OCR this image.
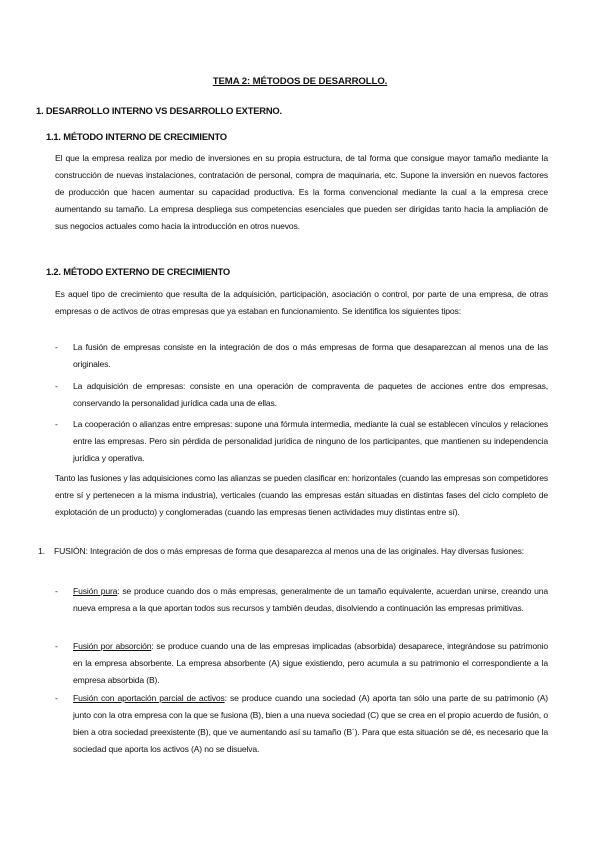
TEMA 2: MÉTODOS DE DESARROLLO.
1. DESARROLLO INTERNO VS DESARROLLO EXTERNO.
1.1. MÉTODO INTERNO DE CRECIMIENTO
El que la empresa realiza por medio de inversiones en su propia estructura, de tal forma que consigue mayor tamaño mediante la construcción de nuevas instalaciones, contratación de personal, compra de maquinaria, etc. Supone la inversión en nuevos factores de producción que hacen aumentar su capacidad productiva. Es la forma convencional mediante la cual a la empresa crece aumentando su tamaño. La empresa despliega sus competencias esenciales que pueden ser dirigidas tanto hacia la ampliación de sus negocios actuales como hacia la introducción en otros nuevos.
1.2. MÉTODO EXTERNO DE CRECIMIENTO
Es aquel tipo de crecimiento que resulta de la adquisición, participación, asociación o control, por parte de una empresa, de otras empresas o de activos de otras empresas que ya estaban en funcionamiento. Se identifica los siguientes tipos:
- La fusión de empresas consiste en la integración de dos o más empresas de forma que desaparezcan al menos una de las originales.
- La adquisición de empresas: consiste en una operación de compraventa de paquetes de acciones entre dos empresas, conservando la personalidad jurídica cada una de ellas.
- La cooperación o alianzas entre empresas: supone una fórmula intermedia, mediante la cual se establecen vínculos y relaciones entre las empresas. Pero sin pérdida de personalidad jurídica de ninguno de los participantes, que mantienen su independencia jurídica y operativa.
Tanto las fusiones y las adquisiciones como las alianzas se pueden clasificar en: horizontales (cuando las empresas son competidores entre sí y pertenecen a la misma industria), verticales (cuando las empresas están situadas en distintas fases del ciclo completo de explotación de un producto) y conglomeradas (cuando las empresas tienen actividades muy distintas entre sí).
1. FUSIÓN: Integración de dos o más empresas de forma que desaparezca al menos una de las originales. Hay diversas fusiones:
- Fusión pura: se produce cuando dos o más empresas, generalmente de un tamaño equivalente, acuerdan unirse, creando una nueva empresa a la que aportan todos sus recursos y también deudas, disolviendo a continuación las empresas primitivas.
- Fusión por absorción: se produce cuando una de las empresas implicadas (absorbida) desaparece, integrándose su patrimonio en la empresa absorbente. La empresa absorbente (A) sigue existiendo, pero acumula a su patrimonio el correspondiente a la empresa absorbida (B).
- Fusión con aportación parcial de activos: se produce cuando una sociedad (A) aporta tan sólo una parte de su patrimonio (A) junto con la otra empresa con la que se fusiona (B), bien a una nueva sociedad (C) que se crea en el propio acuerdo de fusión, o bien a otra sociedad preexistente (B), que ve aumentando así su tamaño (B´). Para que esta situación se dé, es necesario que la sociedad que aporta los activos (A) no se disuelva.
